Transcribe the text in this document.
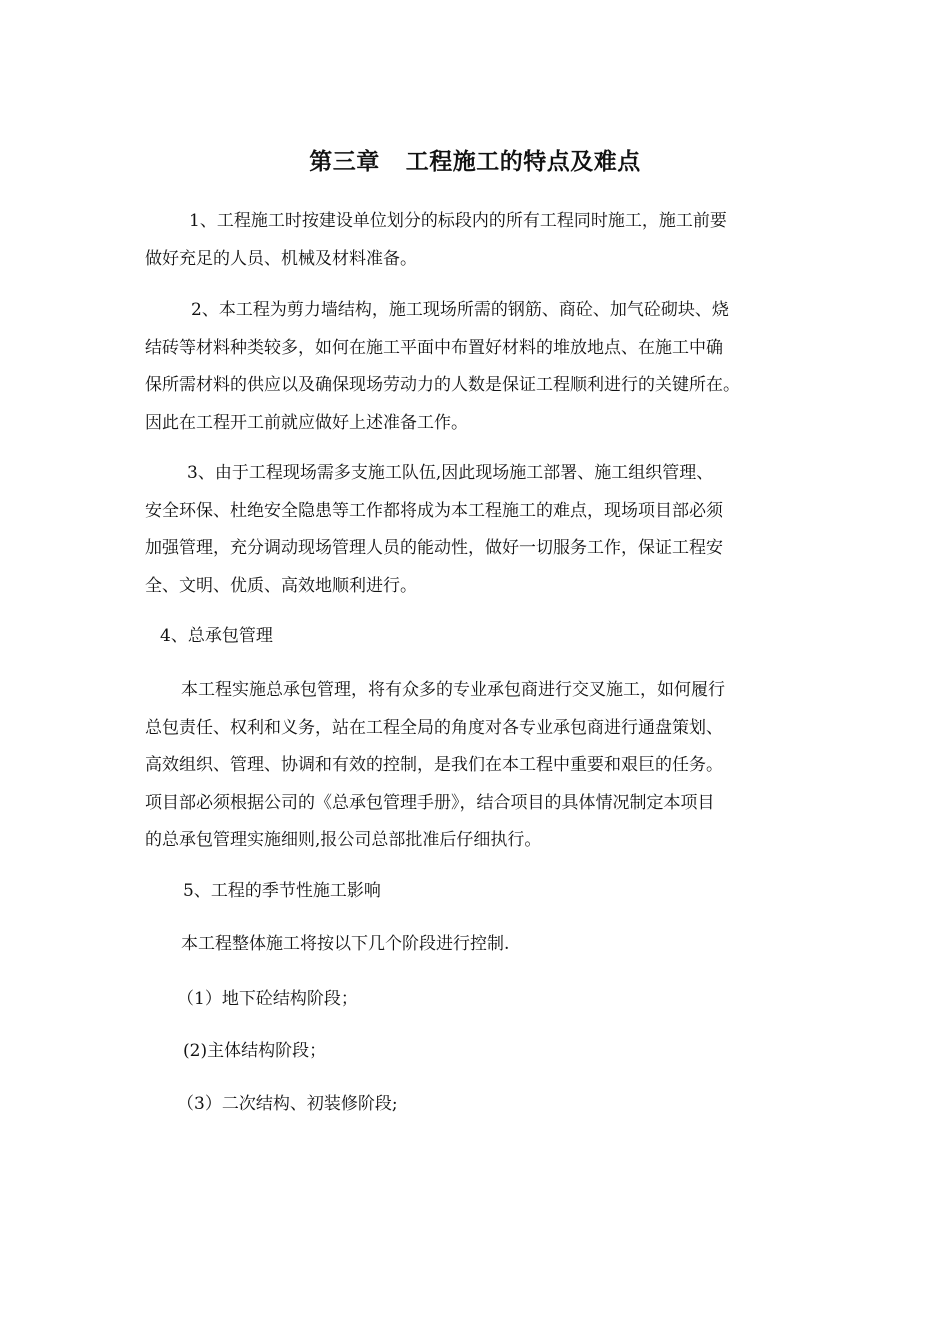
第三章 工程施工的特点及难点

1、工程施工时按建设单位划分的标段内的所有工程同时施工，施工前要
做好充足的人员、机械及材料准备。

2、本工程为剪力墙结构，施工现场所需的钢筋、商砼、加气砼砌块、烧
结砖等材料种类较多，如何在施工平面中布置好材料的堆放地点、在施工中确
保所需材料的供应以及确保现场劳动力的人数是保证工程顺利进行的关键所在。
因此在工程开工前就应做好上述准备工作。

3、由于工程现场需多支施工队伍,因此现场施工部署、施工组织管理、
安全环保、杜绝安全隐患等工作都将成为本工程施工的难点，现场项目部必须
加强管理，充分调动现场管理人员的能动性，做好一切服务工作，保证工程安
全、文明、优质、高效地顺利进行。

4、总承包管理

本工程实施总承包管理，将有众多的专业承包商进行交叉施工，如何履行
总包责任、权利和义务，站在工程全局的角度对各专业承包商进行通盘策划、
高效组织、管理、协调和有效的控制，是我们在本工程中重要和艰巨的任务。
项目部必须根据公司的《总承包管理手册》，结合项目的具体情况制定本项目
的总承包管理实施细则,报公司总部批准后仔细执行。

5、工程的季节性施工影响

本工程整体施工将按以下几个阶段进行控制.

（1）地下砼结构阶段；

(2)主体结构阶段；

（3）二次结构、初装修阶段;
